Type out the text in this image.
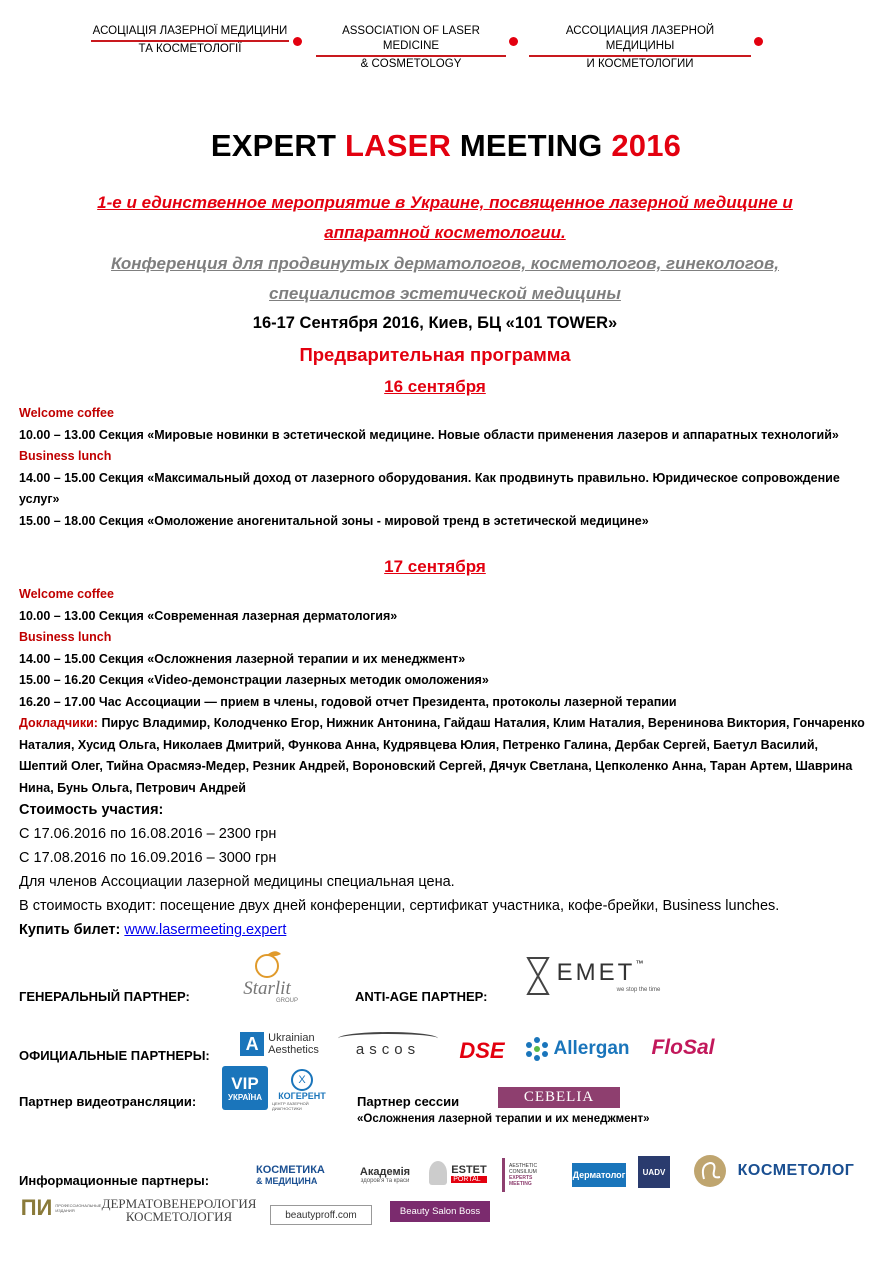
АСОЦІАЦІЯ ЛАЗЕРНОЇ МЕДИЦИНИ
ТА КОСМЕТОЛОГІЇ
ASSOCIATION OF LASER MEDICINE
& COSMETOLOGY
АССОЦИАЦИЯ ЛАЗЕРНОЙ МЕДИЦИНЫ
И КОСМЕТОЛОГИИ
EXPERT LASER MEETING 2016
1-е и единственное мероприятие в Украине, посвященное лазерной медицине и
аппаратной косметологии.
Конференция для продвинутых дерматологов, косметологов, гинекологов,
специалистов эстетической медицины
16-17 Сентября 2016, Киев, БЦ «101 TOWER»
Предварительная программа
16 сентября
Welcome coffee
10.00 – 13.00 Секция «Мировые новинки в эстетической медицине. Новые области применения лазеров и аппаратных технологий»
Business lunch
14.00 – 15.00 Секция «Максимальный доход от лазерного оборудования. Как продвинуть правильно. Юридическое сопровождение услуг»
15.00 – 18.00 Секция «Омоложение аногенитальной зоны - мировой тренд в эстетической медицине»
17 сентября
Welcome coffee
10.00 – 13.00 Секция «Современная лазерная дерматология»
Business lunch
14.00 – 15.00 Секция «Осложнения лазерной терапии и их менеджмент»
15.00 – 16.20 Секция «Video-демонстрации лазерных методик омоложения»
16.20 – 17.00 Час Ассоциации — прием в члены, годовой отчет Президента, протоколы лазерной терапии
Докладчики: Пирус Владимир, Колодченко Егор, Нижник Антонина, Гайдаш Наталия, Клим Наталия, Веренинова Виктория, Гончаренко Наталия, Хусид Ольга, Николаев Дмитрий, Функова Анна, Кудрявцева Юлия, Петренко Галина, Дербак Сергей, Баетул Василий, Шептий Олег, Тийна Орасмяэ-Медер, Резник Андрей, Вороновский Сергей, Дячук Светлана, Цепколенко Анна, Таран Артем, Шаврина Нина, Бунь Ольга, Петрович Андрей
Стоимость участия:
С 17.06.2016 по 16.08.2016 – 2300 грн
С 17.08.2016 по 16.09.2016 – 3000 грн
Для членов Ассоциации лазерной медицины специальная цена.
В стоимость входит: посещение двух дней конференции, сертификат участника, кофе-брейки, Business lunches.
Купить билет: www.lasermeeting.expert
ГЕНЕРАЛЬНЫЙ ПАРТНЕР:	Starlit
GROUP	ANTI-AGE ПАРТНЕР:
EMET™
we stop the time
ОФИЦИАЛЬНЫЕ ПАРТНЕРЫ:
A Ukrainian
Aesthetics ascos DSE	Allergan FloSal
Партнер видеотрансляции:
VIP
УКРАЇНА
X
КОГЕРЕНТ
ЦЕНТР ЛАЗЕРНОЙ ДИАГНОСТИКИ	Партнер сессии	CEBELIA
«Осложнения лазерной терапии и их менеджмент»
Информационные партнеры:
КОСМЕТИКА
& МЕДИЦИНА
Академія
здоров'я та краси
ESTET
PORTAL
AESTHETIC
CONSILIUM
EXPERTS
MEETING
Дерматолог UADV	КОСМЕТОЛОГ
ПИ ПРОФЕССИОНАЛЬНЫЕ ИЗДАНИЯ	ДЕРМАТОВЕНЕРОЛОГИЯ
КОСМЕТОЛОГИЯ	beautyproff.com	Beauty Salon Boss
